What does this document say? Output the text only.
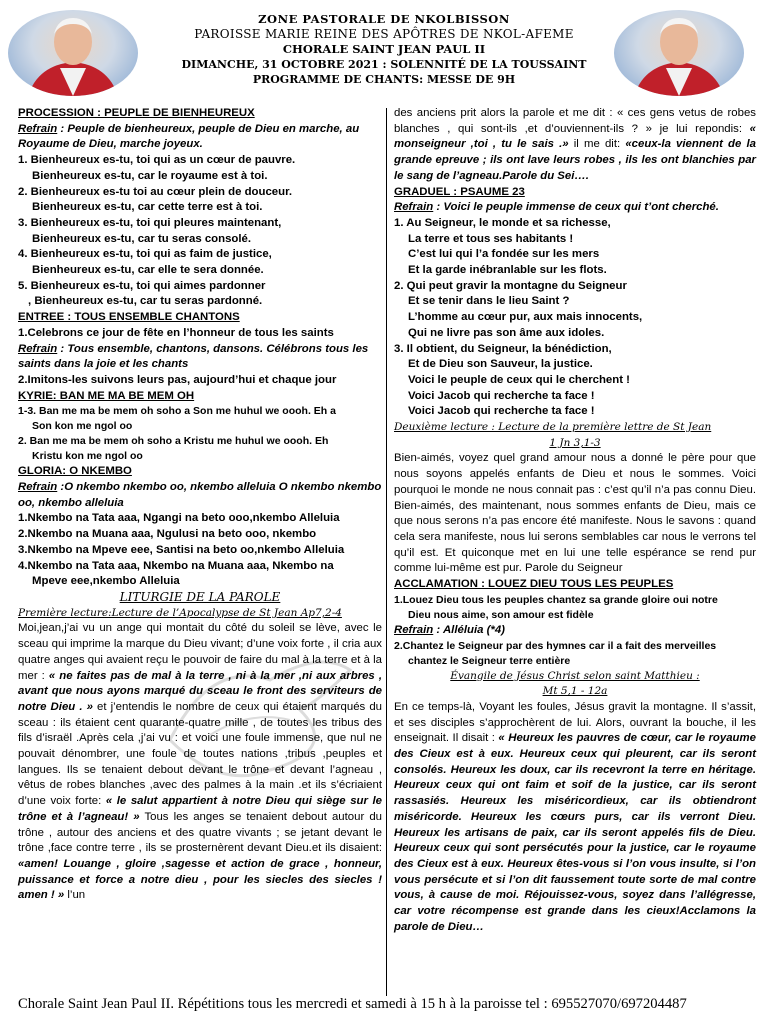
ZONE PASTORALE DE NKOLBISSON
PAROISSE MARIE REINE DES APÔTRES DE NKOL-AFEME
CHORALE SAINT JEAN PAUL II
DIMANCHE, 31 OCTOBRE 2021 : SOLENNITÉ DE LA TOUSSAINT
PROGRAMME DE CHANTS: MESSE DE 9H
PROCESSION : PEUPLE DE BIENHEUREUX

Refrain : Peuple de bienheureux, peuple de Dieu en marche, au Royaume de Dieu, marche joyeux.

1. Bienheureux es-tu, toi qui as un cœur de pauvre.
Bienheureux es-tu, car le royaume est à toi.
2. Bienheureux es-tu toi au cœur plein de douceur.
Bienheureux es-tu, car cette terre est à toi.
3. Bienheureux es-tu, toi qui pleures maintenant,
Bienheureux es-tu, car tu seras consolé.
4. Bienheureux es-tu, toi qui as faim de justice,
Bienheureux es-tu, car elle te sera donnée.
5. Bienheureux es-tu, toi qui aimes pardonner
, Bienheureux es-tu, car tu seras pardonné.
ENTREE : TOUS ENSEMBLE CHANTONS
1.Celebrons ce jour de fête en l’honneur de tous les saints

Refrain : Tous ensemble, chantons, dansons. Célébrons tous les saints dans la joie et les chants

2.Imitons-les suivons leurs pas, aujourd’hui et chaque jour
KYRIE: BAN ME MA BE MEM OH
1-3. Ban me ma be mem oh soho a Son me huhul we oooh. Eh a
Son kon me ngol oo
2. Ban me ma be mem oh soho a Kristu me huhul we oooh. Eh
Kristu kon me ngol oo
GLORIA: O NKEMBO

Refrain :O nkembo nkembo oo, nkembo alleluia O nkembo nkembo oo, nkembo alleluia

1.Nkembo na Tata aaa, Ngangi na beto ooo,nkembo Alleluia
2.Nkembo na Muana aaa, Ngulusi na beto ooo, nkembo
3.Nkembo na Mpeve eee, Santisi na beto oo,nkembo Alleluia
4.Nkembo na Tata aaa, Nkembo na Muana aaa, Nkembo na
Mpeve eee,nkembo Alleluia
LITURGIE DE LA PAROLE
Première lecture:Lecture de l’Apocalypse de St Jean Ap7,2-4

Moi,jean,j’ai vu un ange qui montait du côté du soleil se lève, avec le sceau qui imprime la marque du Dieu vivant; d’une voix forte , il cria aux quatre anges qui avaient reçu le pouvoir de faire du mal à la terre et à la mer : « ne faites pas de mal à la terre , ni à la mer ,ni aux arbres , avant que nous ayons marqué du sceau le front des serviteurs de notre Dieu . » et j’entendis le nombre de ceux qui étaient marqués du sceau : ils étaient cent quarante-quatre mille , de toutes les tribus des fils d’israël .Après cela ,j’ai vu : et voici une foule immense, que nul ne pouvait dénombrer, une foule de toutes nations ,tribus ,peuples et langues. Ils se tenaient debout devant le trône et devant l’agneau , vêtus de robes blanches ,avec des palmes à la main .et ils s’écriaient d’une voix forte: « le salut appartient à notre Dieu qui siège sur le trône et à l’agneau! » Tous les anges se tenaient debout autour du trône , autour des anciens et des quatre vivants ; se jetant devant le trône ,face contre terre , ils se prosternèrent devant Dieu.et ils disaient: «amen! Louange , gloire ,sagesse et action de grace , honneur, puissance et force a notre dieu , pour les siecles des siecles ! amen ! » l’un

des anciens prit alors la parole et me dit : « ces gens vetus de robes blanches , qui sont-ils ,et d’ouviennent-ils ? » je lui repondis: « monseigneur ,toi , tu le sais .» il me dit: «ceux-la viennent de la grande epreuve ; ils ont lave leurs robes , ils les ont blanchies par le sang de l’agneau.Parole du Sei….

GRADUEL : PSAUME 23

Refrain : Voici le peuple immense de ceux qui t’ont cherché.

1. Au Seigneur, le monde et sa richesse,
La terre et tous ses habitants !
C’est lui qui l’a fondée sur les mers
Et la garde inébranlable sur les flots.
2. Qui peut gravir la montagne du Seigneur
Et se tenir dans le lieu Saint ?
L’homme au cœur pur, aux mais innocents,
Qui ne livre pas son âme aux idoles.
3. Il obtient, du Seigneur, la bénédiction,
Et de Dieu son Sauveur, la justice.
Voici le peuple de ceux qui le cherchent !
Voici Jacob qui recherche ta face !
Voici Jacob qui recherche ta face !
Deuxième lecture : Lecture de la première lettre de St Jean
1 Jn 3,1-3

Bien-aimés, voyez quel grand amour nous a donné le père pour que nous soyons appelés enfants de Dieu et nous le sommes. Voici pourquoi le monde ne nous connait pas : c’est qu’il n’a pas connu Dieu. Bien-aimés, des maintenant, nous sommes enfants de Dieu, mais ce que nous serons n’a pas encore été manifeste. Nous le savons : quand cela sera manifeste, nous lui serons semblables car nous le verrons tel qu’il est. Et quiconque met en lui une telle espérance se rend pur comme lui-même est pur. Parole du Seigneur

ACCLAMATION : LOUEZ DIEU TOUS LES PEUPLES
1.Louez Dieu tous les peuples chantez sa grande gloire oui notre
Dieu nous aime, son amour est fidèle

Refrain : Alléluia (*4)

2.Chantez le Seigneur par des hymnes car il a fait des merveilles
chantez le Seigneur terre entière
Évangile de Jésus Christ selon saint Matthieu :
Mt 5,1 - 12a

En ce temps-là, Voyant les foules, Jésus gravit la montagne. Il s’assit, et ses disciples s’approchèrent de lui. Alors, ouvrant la bouche, il les enseignait. Il disait : « Heureux les pauvres de cœur, car le royaume des Cieux est à eux. Heureux ceux qui pleurent, car ils seront consolés. Heureux les doux, car ils recevront la terre en héritage. Heureux ceux qui ont faim et soif de la justice, car ils seront rassasiés. Heureux les miséricordieux, car ils obtiendront miséricorde. Heureux les cœurs purs, car ils verront Dieu. Heureux les artisans de paix, car ils seront appelés fils de Dieu. Heureux ceux qui sont persécutés pour la justice, car le royaume des Cieux est à eux. Heureux êtes-vous si l’on vous insulte, si l’on vous persécute et si l’on dit faussement toute sorte de mal contre vous, à cause de moi. Réjouissez-vous, soyez dans l’allégresse, car votre récompense est grande dans les cieux!Acclamons la parole de Dieu…

Chorale Saint Jean Paul II. Répétitions tous les mercredi et samedi à 15 h à la paroisse tel : 695527070/697204487
